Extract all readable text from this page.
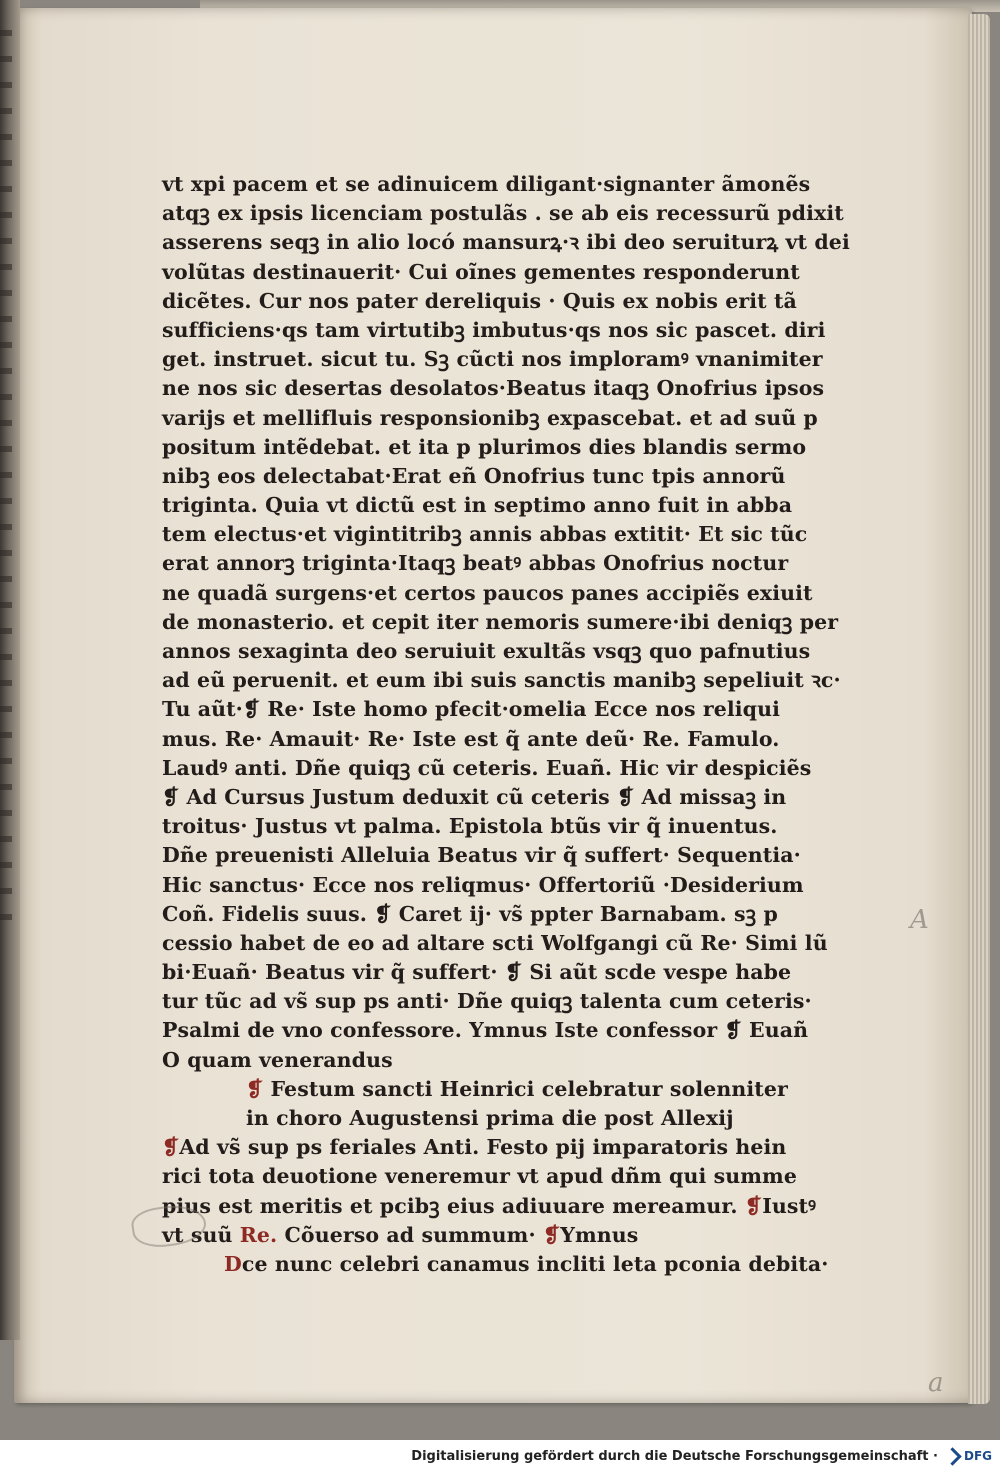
vt xpi pacem et se adinuicem diligant·signanter ãmonẽs
atqꝫ ex ipsis licenciam postulãs . se ab eis recessurũ pdixit
asserens seqꝫ in alio locó mansurꝝ·ꝛ ibi deo seruiturꝝ vt dei
volũtas destinauerit· Cui oĩnes gementes responderunt
dicẽtes. Cur nos pater dereliquis · Quis ex nobis erit tã
sufficiens·qs tam virtutibꝫ imbutus·qs nos sic pascet. diri
get. instruet. sicut tu. Sꝫ cũcti nos imploramꝰ vnanimiter
ne nos sic desertas desolatos·Beatus itaqꝫ Onofrius ipsos
varijs et mellifluis responsionibꝫ expascebat. et ad suũ p
positum intẽdebat. et ita p plurimos dies blandis sermo
nibꝫ eos delectabat·Erat eñ Onofrius tunc tpis annorũ
triginta. Quia vt dictũ est in septimo anno fuit in abba
tem electus·et vigintitribꝫ annis abbas extitit· Et sic tũc
erat annorꝫ triginta·Itaqꝫ beatꝰ abbas Onofrius noctur
ne quadã surgens·et certos paucos panes accipiẽs exiuit
de monasterio. et cepit iter nemoris sumere·ibi deniqꝫ per
annos sexaginta deo seruiuit exultãs vsqꝫ quo pafnutius
ad eũ peruenit. et eum ibi suis sanctis manibꝫ sepeliuit ꝛc·
Tu aũt·❡ Re· Iste homo pfecit·omelia Ecce nos reliqui
mus. Re· Amauit· Re· Iste est q̃ ante deũ· Re. Famulo.
Laudꝰ anti. Dñe quiqꝫ cũ ceteris. Euañ. Hic vir despiciẽs
❡ Ad Cursus Justum deduxit cũ ceteris ❡ Ad missaꝫ in
troitus· Justus vt palma. Epistola btũs vir q̃ inuentus.
Dñe preuenisti Alleluia Beatus vir q̃ suffert· Sequentia·
Hic sanctus· Ecce nos reliqmus· Offertoriũ ·Desiderium
Coñ. Fidelis suus. ❡ Caret ij· vs̃ ppter Barnabam. sꝫ p
cessio habet de eo ad altare scti Wolfgangi cũ Re· Simi lũ
bi·Euañ· Beatus vir q̃ suffert· ❡ Si aũt scde vespe habe
tur tũc ad vs̃ sup ps anti· Dñe quiqꝫ talenta cum ceteris·
Psalmi de vno confessore. Ymnus Iste confessor ❡ Euañ
O quam venerandus
❡ Festum sancti Heinrici celebratur solenniter
in choro Augustensi prima die post Allexij
❡Ad vs̃ sup ps feriales Anti. Festo pij imparatoris hein
rici tota deuotione veneremur vt apud dñm qui summe
pius est meritis et pcibꝫ eius adiuuare mereamur. ❡Iustꝰ
vt suũ Re. Cõuerso ad summum· ❡Ymnus
Dce nunc celebri canamus incliti leta pconia debita·
A
a
Digitalisierung gefördert durch die Deutsche Forschungsgemeinschaft · DFG
